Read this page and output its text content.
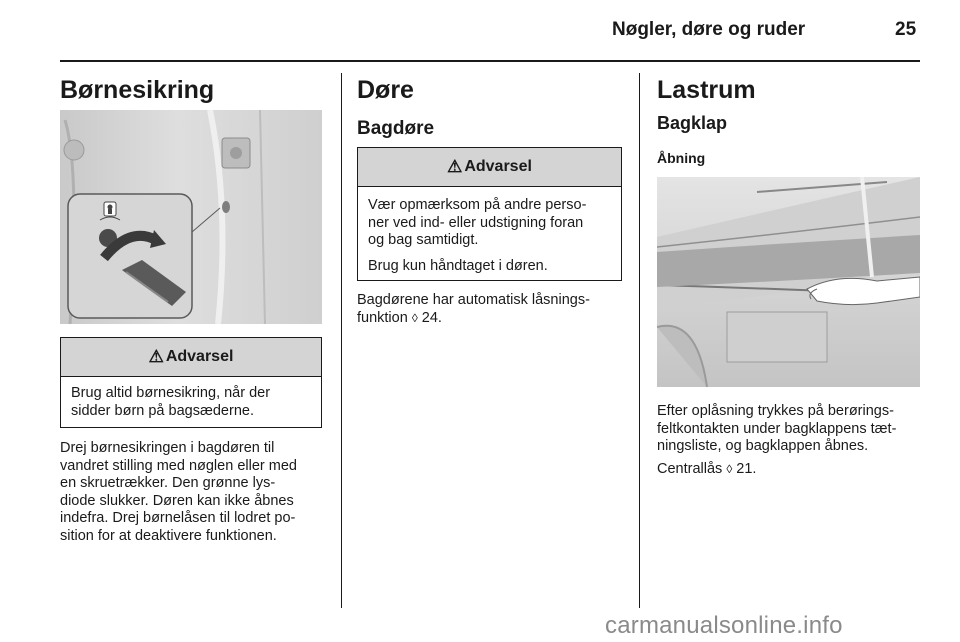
Nøgler, døre og ruder	25
Børnesikring
⚠ Advarsel
Brug altid børnesikring, når der
sidder børn på bagsæderne.
Drej børnesikringen i bagdøren til
vandret stilling med nøglen eller med
en skruetrækker. Den grønne lys-
diode slukker. Døren kan ikke åbnes
indefra. Drej børnelåsen til lodret po-
sition for at deaktivere funktionen.
Døre
Bagdøre
⚠ Advarsel

Vær opmærksom på andre perso-
ner ved ind- eller udstigning foran
og bag samtidigt.

Brug kun håndtaget i døren.

Bagdørene har automatisk låsnings-
funktion ◊ 24.
Lastrum
Bagklap
Åbning
Efter oplåsning trykkes på berørings-
feltkontakten under bagklappens tæt-
ningsliste, og bagklappen åbnes.
Centrallås ◊ 21.
carmanualsonline.info
